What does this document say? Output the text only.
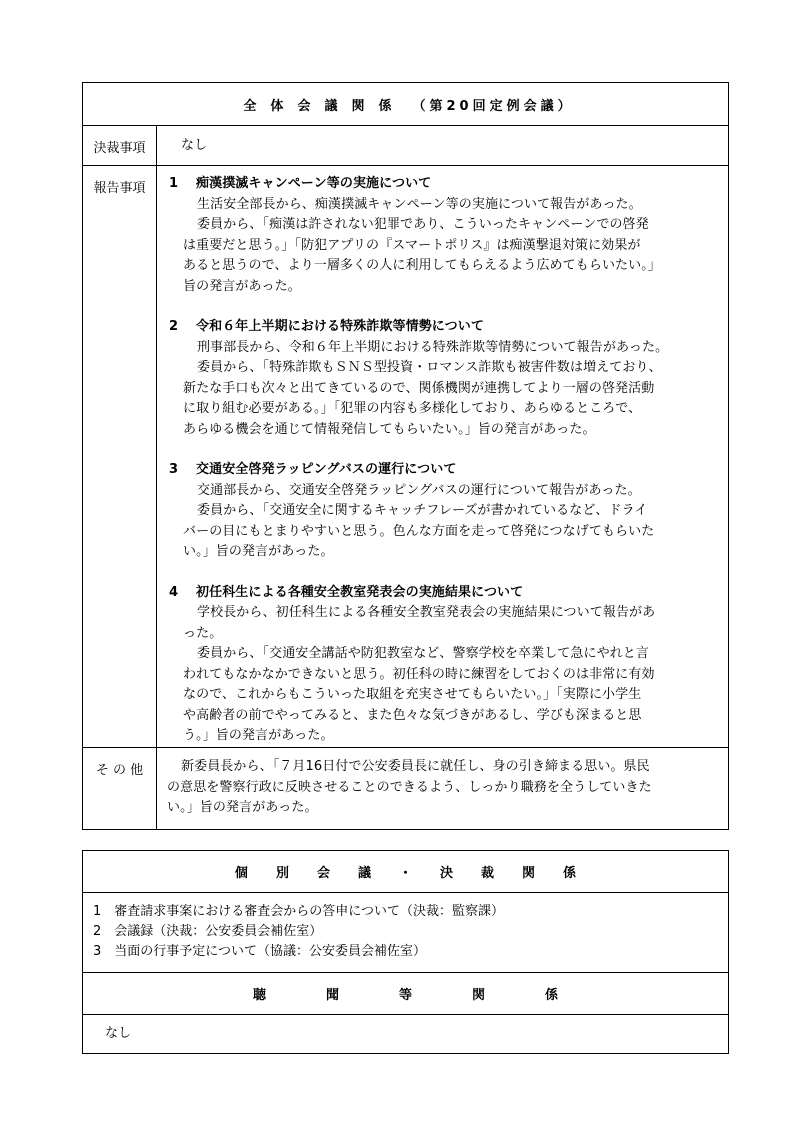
全 体 会 議 関 係	（第20回定例会議）
決裁事項	なし
報告事項	1 痴漢撲滅キャンペーン等の実施について
生活安全部長から、痴漢撲滅キャンペーン等の実施について報告があった。
委員から、「痴漢は許されない犯罪であり、こういったキャンペーンでの啓発
は重要だと思う。」「防犯アプリの『スマートポリス』は痴漢撃退対策に効果が
あると思うので、より一層多くの人に利用してもらえるよう広めてもらいたい。」
旨の発言があった。
2 令和６年上半期における特殊詐欺等情勢について
刑事部長から、令和６年上半期における特殊詐欺等情勢について報告があった。
委員から、「特殊詐欺もＳＮＳ型投資・ロマンス詐欺も被害件数は増えており、
新たな手口も次々と出てきているので、関係機関が連携してより一層の啓発活動
に取り組む必要がある。」「犯罪の内容も多様化しており、あらゆるところで、
あらゆる機会を通じて情報発信してもらいたい。」旨の発言があった。
3 交通安全啓発ラッピングバスの運行について
交通部長から、交通安全啓発ラッピングバスの運行について報告があった。
委員から、「交通安全に関するキャッチフレーズが書かれているなど、ドライ
バーの目にもとまりやすいと思う。色んな方面を走って啓発につなげてもらいた
い。」旨の発言があった。
4 初任科生による各種安全教室発表会の実施結果について
学校長から、初任科生による各種安全教室発表会の実施結果について報告があ
った。
委員から、「交通安全講話や防犯教室など、警察学校を卒業して急にやれと言
われてもなかなかできないと思う。初任科の時に練習をしておくのは非常に有効
なので、これからもこういった取組を充実させてもらいたい。」「実際に小学生
や高齢者の前でやってみると、また色々な気づきがあるし、学びも深まると思
う。」旨の発言があった。
そ の 他	新委員長から、「７月16日付で公安委員長に就任し、身の引き締まる思い。県民
の意思を警察行政に反映させることのできるよう、しっかり職務を全うしていきた
い。」旨の発言があった。
個 別 会 議 ・ 決 裁 関 係
1　審査請求事案における審査会からの答申について（決裁：監察課）
2　会議録（決裁：公安委員会補佐室）
3　当面の行事予定について（協議：公安委員会補佐室）
聴	聞	等	関	係
なし
